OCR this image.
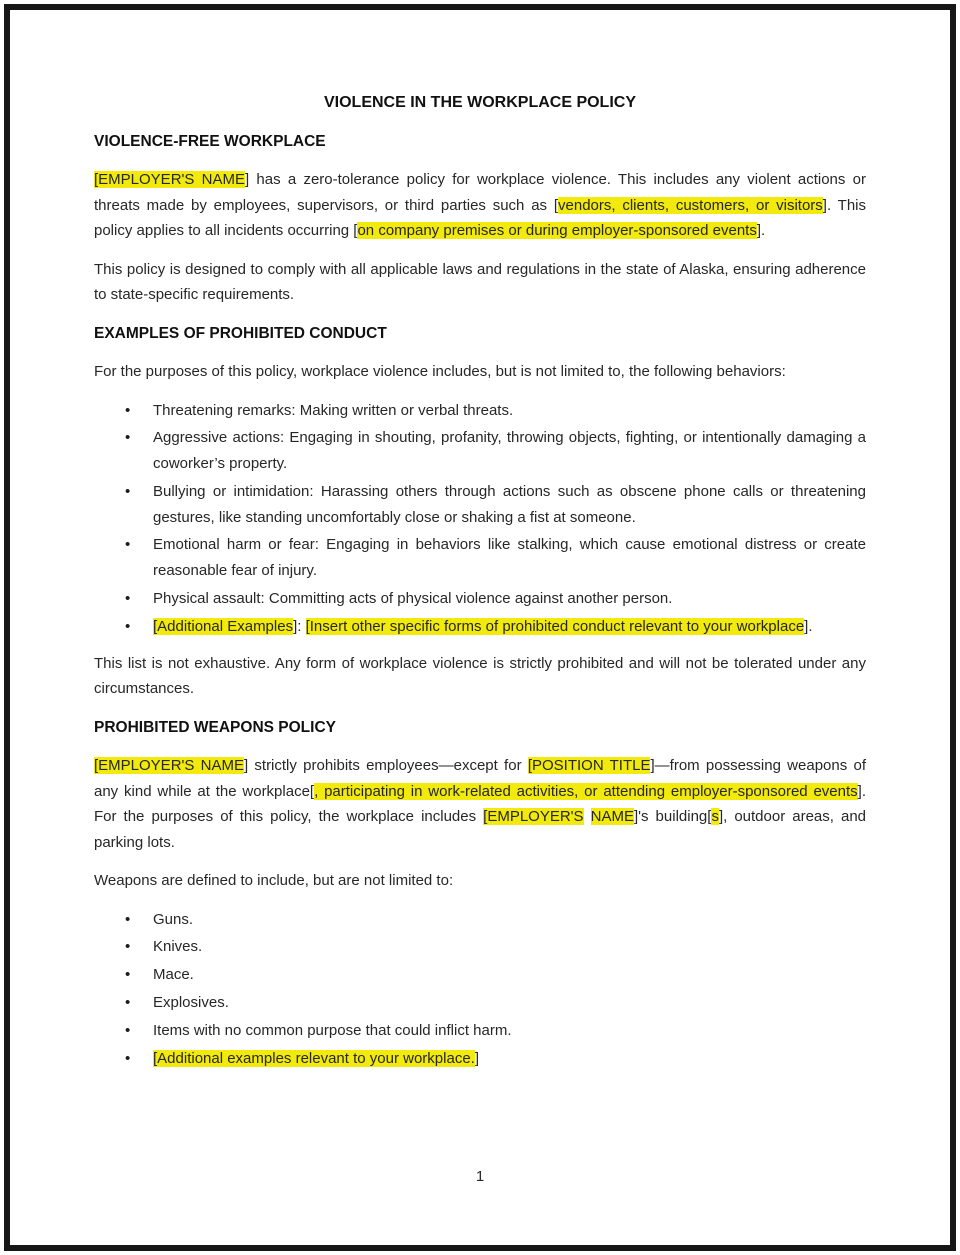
VIOLENCE IN THE WORKPLACE POLICY

VIOLENCE-FREE WORKPLACE

[EMPLOYER'S NAME] has a zero-tolerance policy for workplace violence. This includes any violent actions or threats made by employees, supervisors, or third parties such as [vendors, clients, customers, or visitors]. This policy applies to all incidents occurring [on company premises or during employer-sponsored events].

This policy is designed to comply with all applicable laws and regulations in the state of Alaska, ensuring adherence to state-specific requirements.

EXAMPLES OF PROHIBITED CONDUCT

For the purposes of this policy, workplace violence includes, but is not limited to, the following behaviors:

•
Threatening remarks: Making written or verbal threats.
•
Aggressive actions: Engaging in shouting, profanity, throwing objects, fighting, or intentionally damaging a coworker’s property.
•
Bullying or intimidation: Harassing others through actions such as obscene phone calls or threatening gestures, like standing uncomfortably close or shaking a fist at someone.
•
Emotional harm or fear: Engaging in behaviors like stalking, which cause emotional distress or create reasonable fear of injury.
•
Physical assault: Committing acts of physical violence against another person.
•
[Additional Examples]: [Insert other specific forms of prohibited conduct relevant to your workplace].

This list is not exhaustive. Any form of workplace violence is strictly prohibited and will not be tolerated under any circumstances.

PROHIBITED WEAPONS POLICY

[EMPLOYER'S NAME] strictly prohibits employees—except for [POSITION TITLE]—from possessing weapons of any kind while at the workplace[, participating in work-related activities, or attending employer-sponsored events]. For the purposes of this policy, the workplace includes [EMPLOYER'S NAME]'s building[s], outdoor areas, and parking lots.

Weapons are defined to include, but are not limited to:

•
Guns.
•
Knives.
•
Mace.
•
Explosives.
•
Items with no common purpose that could inflict harm.
•
[Additional examples relevant to your workplace.]
1
